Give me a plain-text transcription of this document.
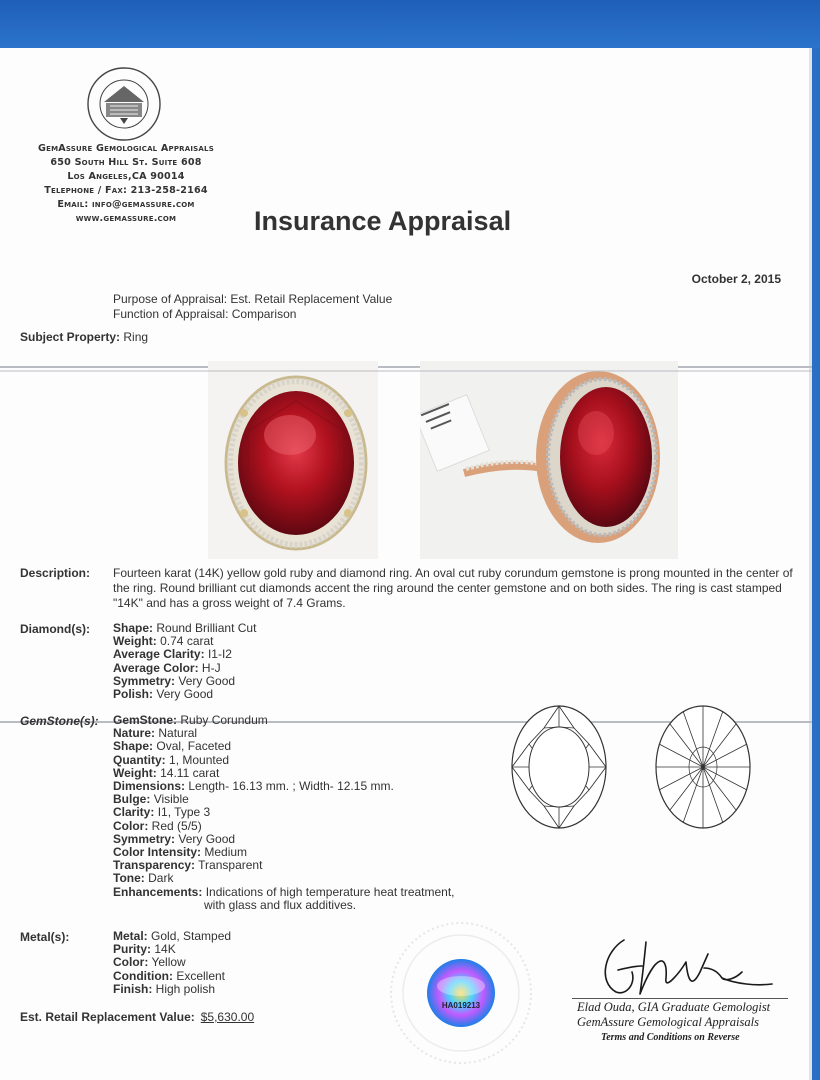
GemAssure Gemological Appraisals
650 South Hill St. Suite 608
Los Angeles,CA 90014
Telephone / Fax: 213-258-2164
Email: info@gemassure.com
www.gemassure.com	Insurance Appraisal
October 2, 2015
Purpose of Appraisal: Est. Retail Replacement Value
Function of Appraisal: Comparison
Subject Property: Ring
Description: Fourteen karat (14K) yellow gold ruby and diamond ring. An oval cut ruby corundum gemstone is prong mounted in the center of the ring. Round brilliant cut diamonds accent the ring around the center gemstone and on both sides. The ring is cast stamped "14K" and has a gross weight of 7.4 Grams.
Diamond(s): Shape: Round Brilliant Cut
Weight: 0.74 carat
Average Clarity: I1-I2
Average Color: H-J
Symmetry: Very Good
Polish: Very Good
GemStone(s): GemStone: Ruby Corundum
Nature: Natural
Shape: Oval, Faceted
Quantity: 1, Mounted
Weight: 14.11 carat
Dimensions: Length- 16.13 mm. ; Width- 12.15 mm.
Bulge: Visible
Clarity: I1, Type 3
Color: Red (5/5)
Symmetry: Very Good
Color Intensity: Medium
Transparency: Transparent
Tone: Dark
Enhancements: Indications of high temperature heat treatment,
with glass and flux additives.
Metal(s):	Metal: Gold, Stamped
Purity: 14K
Color: Yellow
Condition: Excellent
Finish: High polish
Est. Retail Replacement Value: $5,630.00
HA019213	Elad Ouda, GIA Graduate Gemologist
GemAssure Gemological Appraisals
Terms and Conditions on Reverse
